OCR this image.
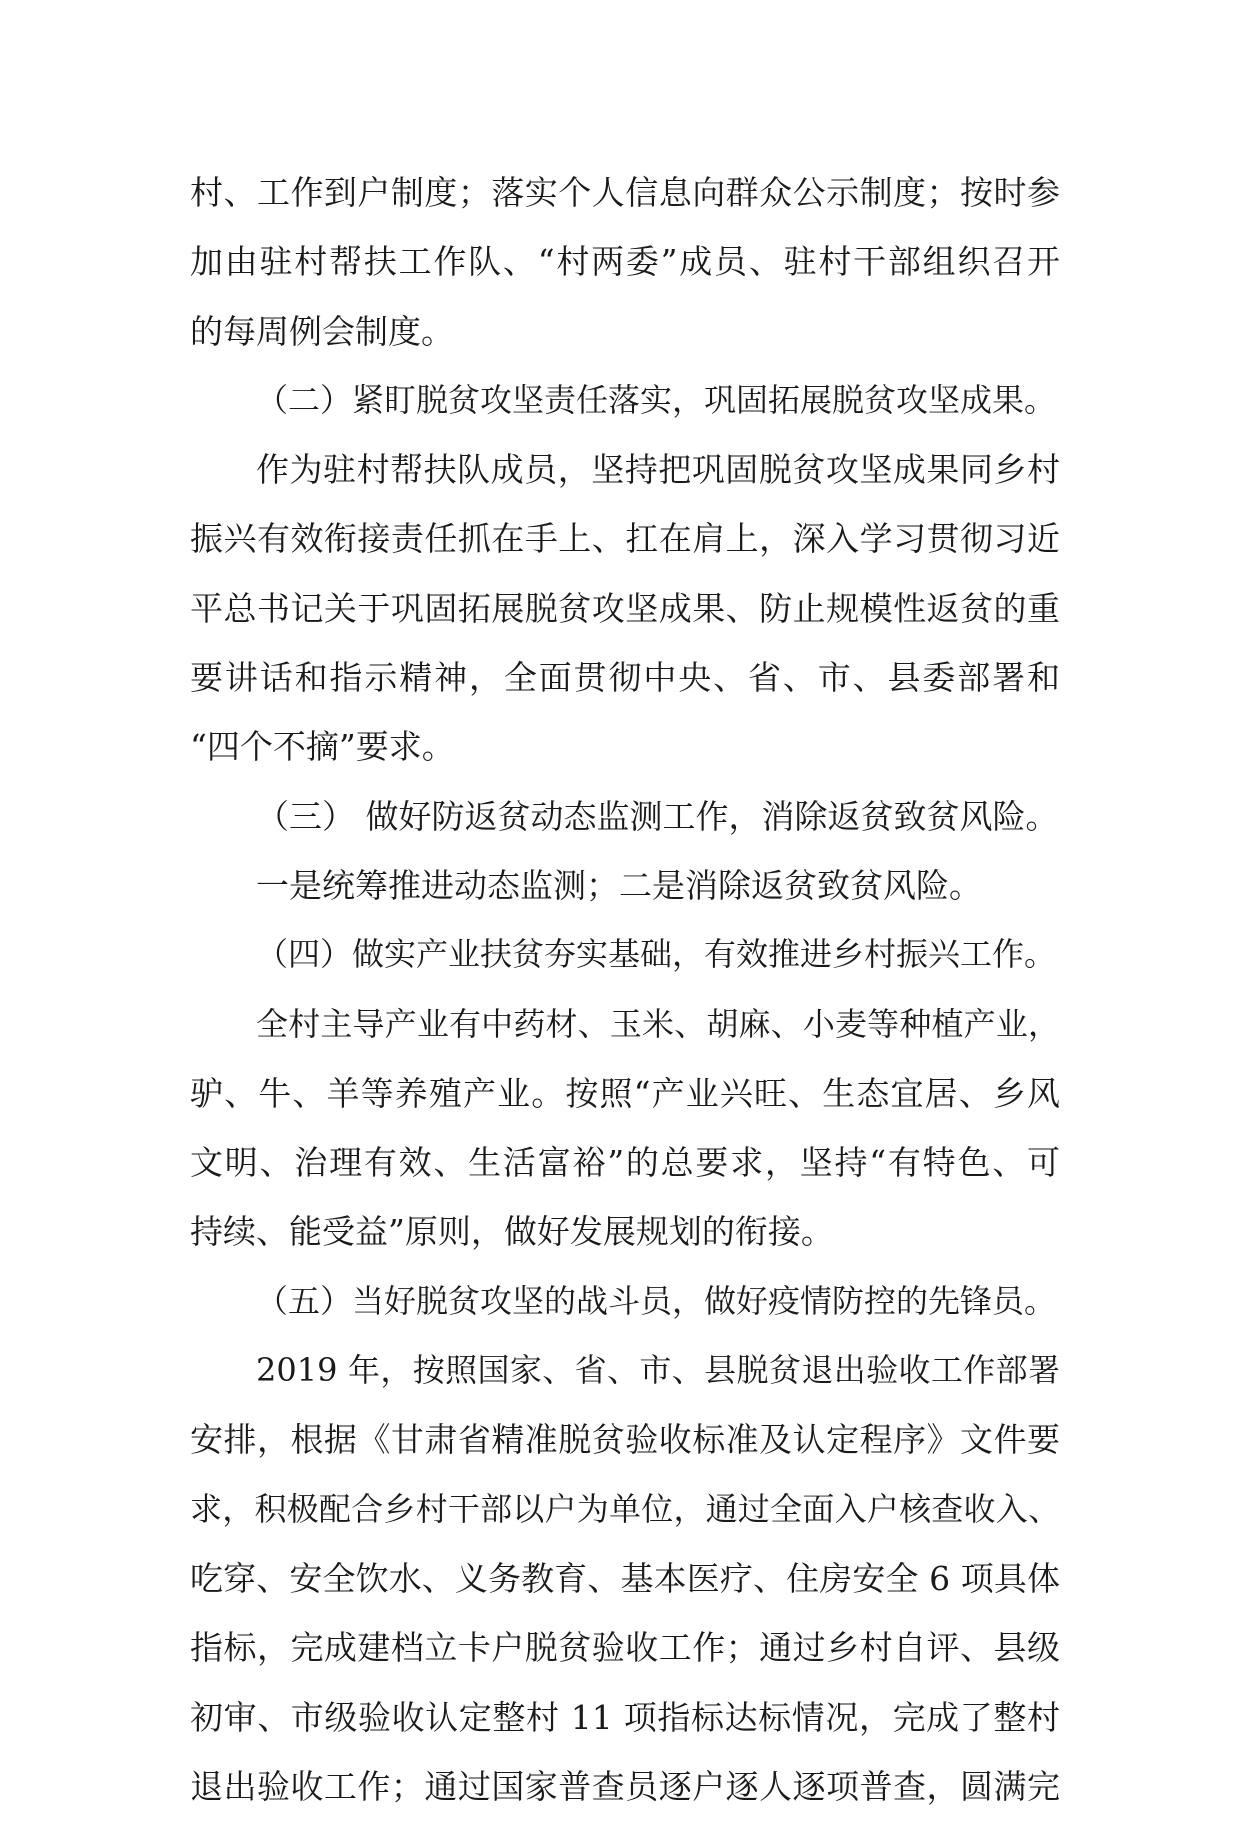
村、工作到户制度；落实个人信息向群众公示制度；按时参
加由驻村帮扶工作队、“村两委”成员、驻村干部组织召开
的每周例会制度。
（二）紧盯脱贫攻坚责任落实，巩固拓展脱贫攻坚成果。
作为驻村帮扶队成员，坚持把巩固脱贫攻坚成果同乡村
振兴有效衔接责任抓在手上、扛在肩上，深入学习贯彻习近
平总书记关于巩固拓展脱贫攻坚成果、防止规模性返贫的重
要讲话和指示精神，全面贯彻中央、省、市、县委部署和
“四个不摘”要求。
（三） 做好防返贫动态监测工作，消除返贫致贫风险。
一是统筹推进动态监测；二是消除返贫致贫风险。
（四）做实产业扶贫夯实基础，有效推进乡村振兴工作。
全村主导产业有中药材、玉米、胡麻、小麦等种植产业，
驴、牛、羊等养殖产业。按照“产业兴旺、生态宜居、乡风
文明、治理有效、生活富裕”的总要求，坚持“有特色、可
持续、能受益”原则，做好发展规划的衔接。
（五）当好脱贫攻坚的战斗员，做好疫情防控的先锋员。
2019 年，按照国家、省、市、县脱贫退出验收工作部署
安排，根据《甘肃省精准脱贫验收标准及认定程序》文件要
求，积极配合乡村干部以户为单位，通过全面入户核查收入、
吃穿、安全饮水、义务教育、基本医疗、住房安全 6 项具体
指标，完成建档立卡户脱贫验收工作；通过乡村自评、县级
初审、市级验收认定整村 11 项指标达标情况，完成了整村
退出验收工作；通过国家普查员逐户逐人逐项普查，圆满完
